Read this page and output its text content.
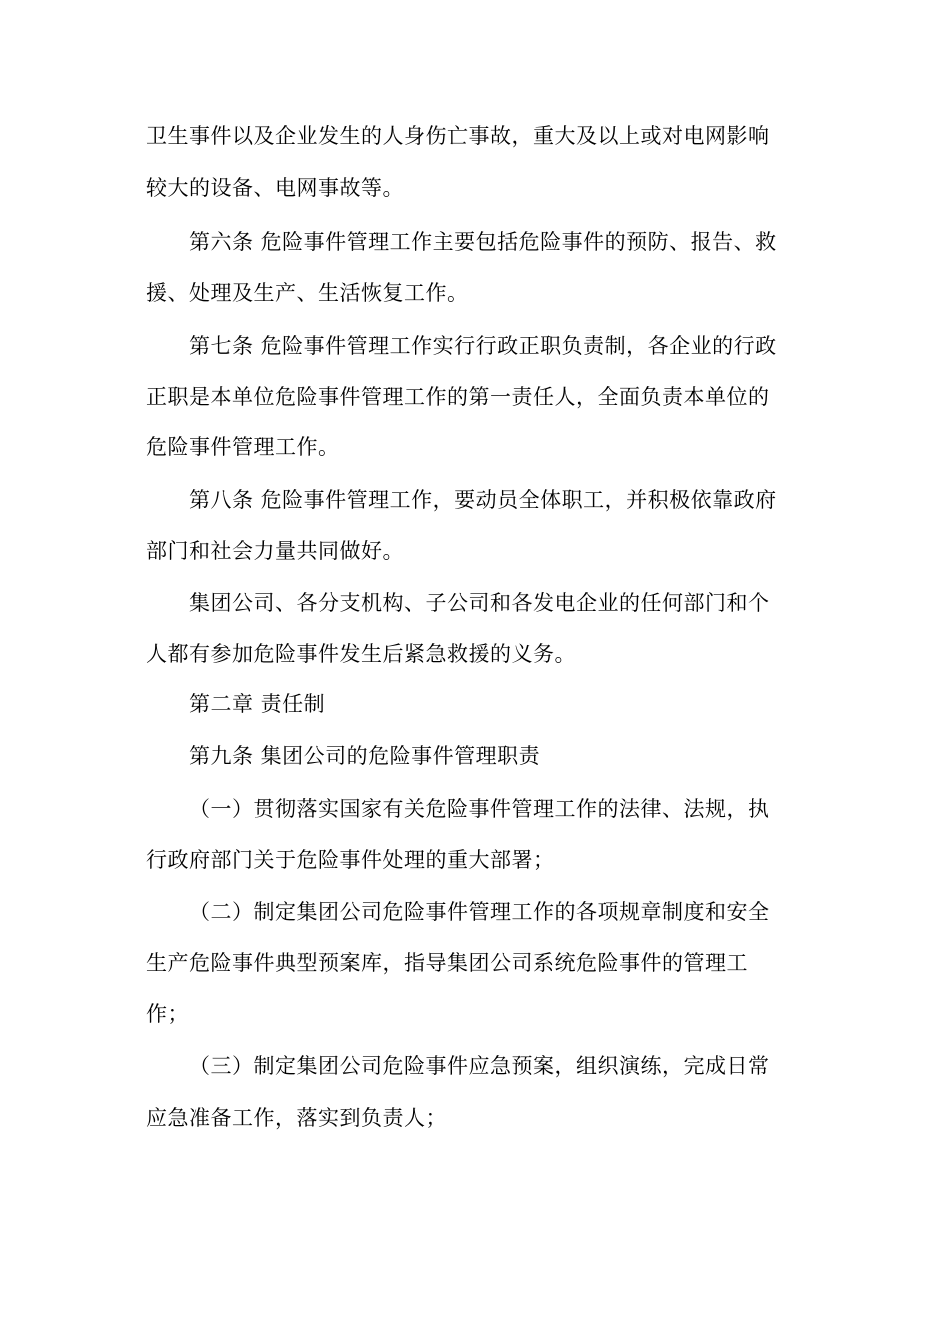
卫生事件以及企业发生的人身伤亡事故，重大及以上或对电网影响
较大的设备、电网事故等。
第六条 危险事件管理工作主要包括危险事件的预防、报告、救
援、处理及生产、生活恢复工作。
第七条 危险事件管理工作实行行政正职负责制，各企业的行政
正职是本单位危险事件管理工作的第一责任人，全面负责本单位的
危险事件管理工作。
第八条 危险事件管理工作，要动员全体职工，并积极依靠政府
部门和社会力量共同做好。
集团公司、各分支机构、子公司和各发电企业的任何部门和个
人都有参加危险事件发生后紧急救援的义务。
第二章 责任制
第九条 集团公司的危险事件管理职责
（一）贯彻落实国家有关危险事件管理工作的法律、法规，执
行政府部门关于危险事件处理的重大部署；
（二）制定集团公司危险事件管理工作的各项规章制度和安全
生产危险事件典型预案库，指导集团公司系统危险事件的管理工
作；
（三）制定集团公司危险事件应急预案，组织演练，完成日常
应急准备工作，落实到负责人；
